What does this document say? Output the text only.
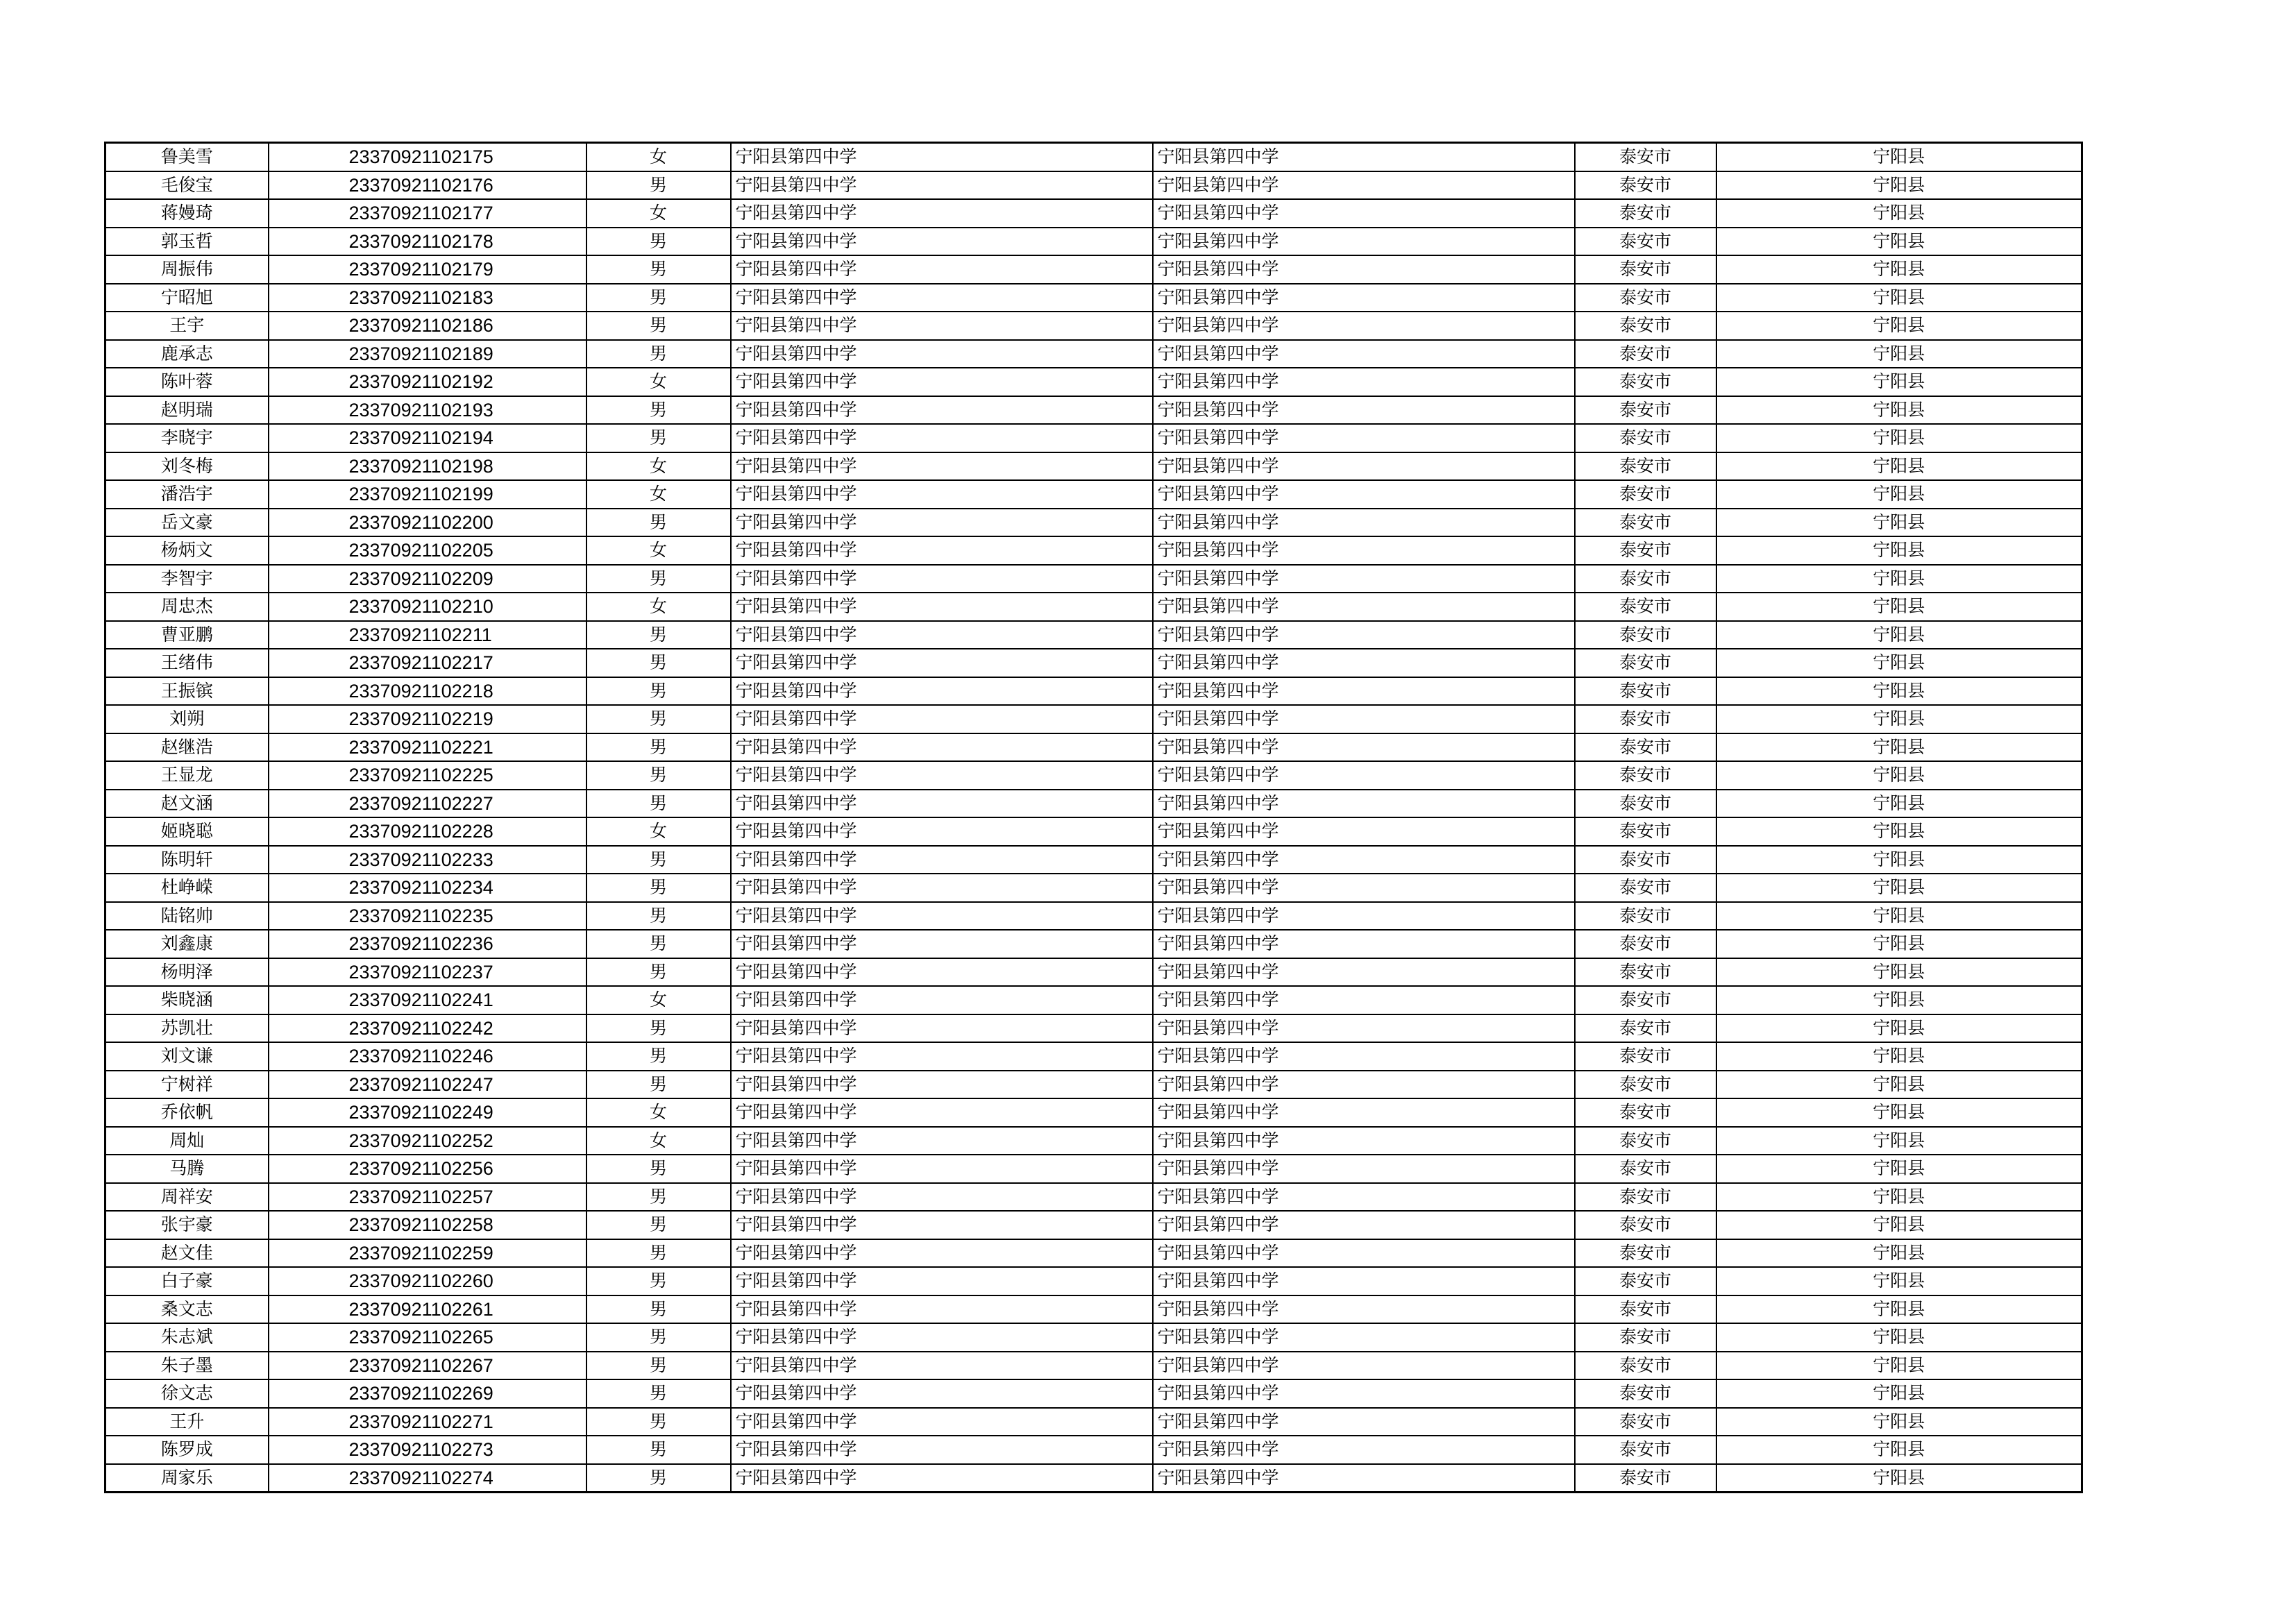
鲁美雪	23370921102175	女	宁阳县第四中学	宁阳县第四中学	泰安市	宁阳县
毛俊宝	23370921102176	男	宁阳县第四中学	宁阳县第四中学	泰安市	宁阳县
蒋嫚琦	23370921102177	女	宁阳县第四中学	宁阳县第四中学	泰安市	宁阳县
郭玉哲	23370921102178	男	宁阳县第四中学	宁阳县第四中学	泰安市	宁阳县
周振伟	23370921102179	男	宁阳县第四中学	宁阳县第四中学	泰安市	宁阳县
宁昭旭	23370921102183	男	宁阳县第四中学	宁阳县第四中学	泰安市	宁阳县
王宇	23370921102186	男	宁阳县第四中学	宁阳县第四中学	泰安市	宁阳县
鹿承志	23370921102189	男	宁阳县第四中学	宁阳县第四中学	泰安市	宁阳县
陈叶蓉	23370921102192	女	宁阳县第四中学	宁阳县第四中学	泰安市	宁阳县
赵明瑞	23370921102193	男	宁阳县第四中学	宁阳县第四中学	泰安市	宁阳县
李晓宇	23370921102194	男	宁阳县第四中学	宁阳县第四中学	泰安市	宁阳县
刘冬梅	23370921102198	女	宁阳县第四中学	宁阳县第四中学	泰安市	宁阳县
潘浩宇	23370921102199	女	宁阳县第四中学	宁阳县第四中学	泰安市	宁阳县
岳文豪	23370921102200	男	宁阳县第四中学	宁阳县第四中学	泰安市	宁阳县
杨炳文	23370921102205	女	宁阳县第四中学	宁阳县第四中学	泰安市	宁阳县
李智宇	23370921102209	男	宁阳县第四中学	宁阳县第四中学	泰安市	宁阳县
周忠杰	23370921102210	女	宁阳县第四中学	宁阳县第四中学	泰安市	宁阳县
曹亚鹏	23370921102211	男	宁阳县第四中学	宁阳县第四中学	泰安市	宁阳县
王绪伟	23370921102217	男	宁阳县第四中学	宁阳县第四中学	泰安市	宁阳县
王振镔	23370921102218	男	宁阳县第四中学	宁阳县第四中学	泰安市	宁阳县
刘朔	23370921102219	男	宁阳县第四中学	宁阳县第四中学	泰安市	宁阳县
赵继浩	23370921102221	男	宁阳县第四中学	宁阳县第四中学	泰安市	宁阳县
王显龙	23370921102225	男	宁阳县第四中学	宁阳县第四中学	泰安市	宁阳县
赵文涵	23370921102227	男	宁阳县第四中学	宁阳县第四中学	泰安市	宁阳县
姬晓聪	23370921102228	女	宁阳县第四中学	宁阳县第四中学	泰安市	宁阳县
陈明轩	23370921102233	男	宁阳县第四中学	宁阳县第四中学	泰安市	宁阳县
杜峥嵘	23370921102234	男	宁阳县第四中学	宁阳县第四中学	泰安市	宁阳县
陆铭帅	23370921102235	男	宁阳县第四中学	宁阳县第四中学	泰安市	宁阳县
刘鑫康	23370921102236	男	宁阳县第四中学	宁阳县第四中学	泰安市	宁阳县
杨明泽	23370921102237	男	宁阳县第四中学	宁阳县第四中学	泰安市	宁阳县
柴晓涵	23370921102241	女	宁阳县第四中学	宁阳县第四中学	泰安市	宁阳县
苏凯壮	23370921102242	男	宁阳县第四中学	宁阳县第四中学	泰安市	宁阳县
刘文谦	23370921102246	男	宁阳县第四中学	宁阳县第四中学	泰安市	宁阳县
宁树祥	23370921102247	男	宁阳县第四中学	宁阳县第四中学	泰安市	宁阳县
乔依帆	23370921102249	女	宁阳县第四中学	宁阳县第四中学	泰安市	宁阳县
周灿	23370921102252	女	宁阳县第四中学	宁阳县第四中学	泰安市	宁阳县
马腾	23370921102256	男	宁阳县第四中学	宁阳县第四中学	泰安市	宁阳县
周祥安	23370921102257	男	宁阳县第四中学	宁阳县第四中学	泰安市	宁阳县
张宇豪	23370921102258	男	宁阳县第四中学	宁阳县第四中学	泰安市	宁阳县
赵文佳	23370921102259	男	宁阳县第四中学	宁阳县第四中学	泰安市	宁阳县
白子豪	23370921102260	男	宁阳县第四中学	宁阳县第四中学	泰安市	宁阳县
桑文志	23370921102261	男	宁阳县第四中学	宁阳县第四中学	泰安市	宁阳县
朱志斌	23370921102265	男	宁阳县第四中学	宁阳县第四中学	泰安市	宁阳县
朱子墨	23370921102267	男	宁阳县第四中学	宁阳县第四中学	泰安市	宁阳县
徐文志	23370921102269	男	宁阳县第四中学	宁阳县第四中学	泰安市	宁阳县
王升	23370921102271	男	宁阳县第四中学	宁阳县第四中学	泰安市	宁阳县
陈罗成	23370921102273	男	宁阳县第四中学	宁阳县第四中学	泰安市	宁阳县
周家乐	23370921102274	男	宁阳县第四中学	宁阳县第四中学	泰安市	宁阳县
